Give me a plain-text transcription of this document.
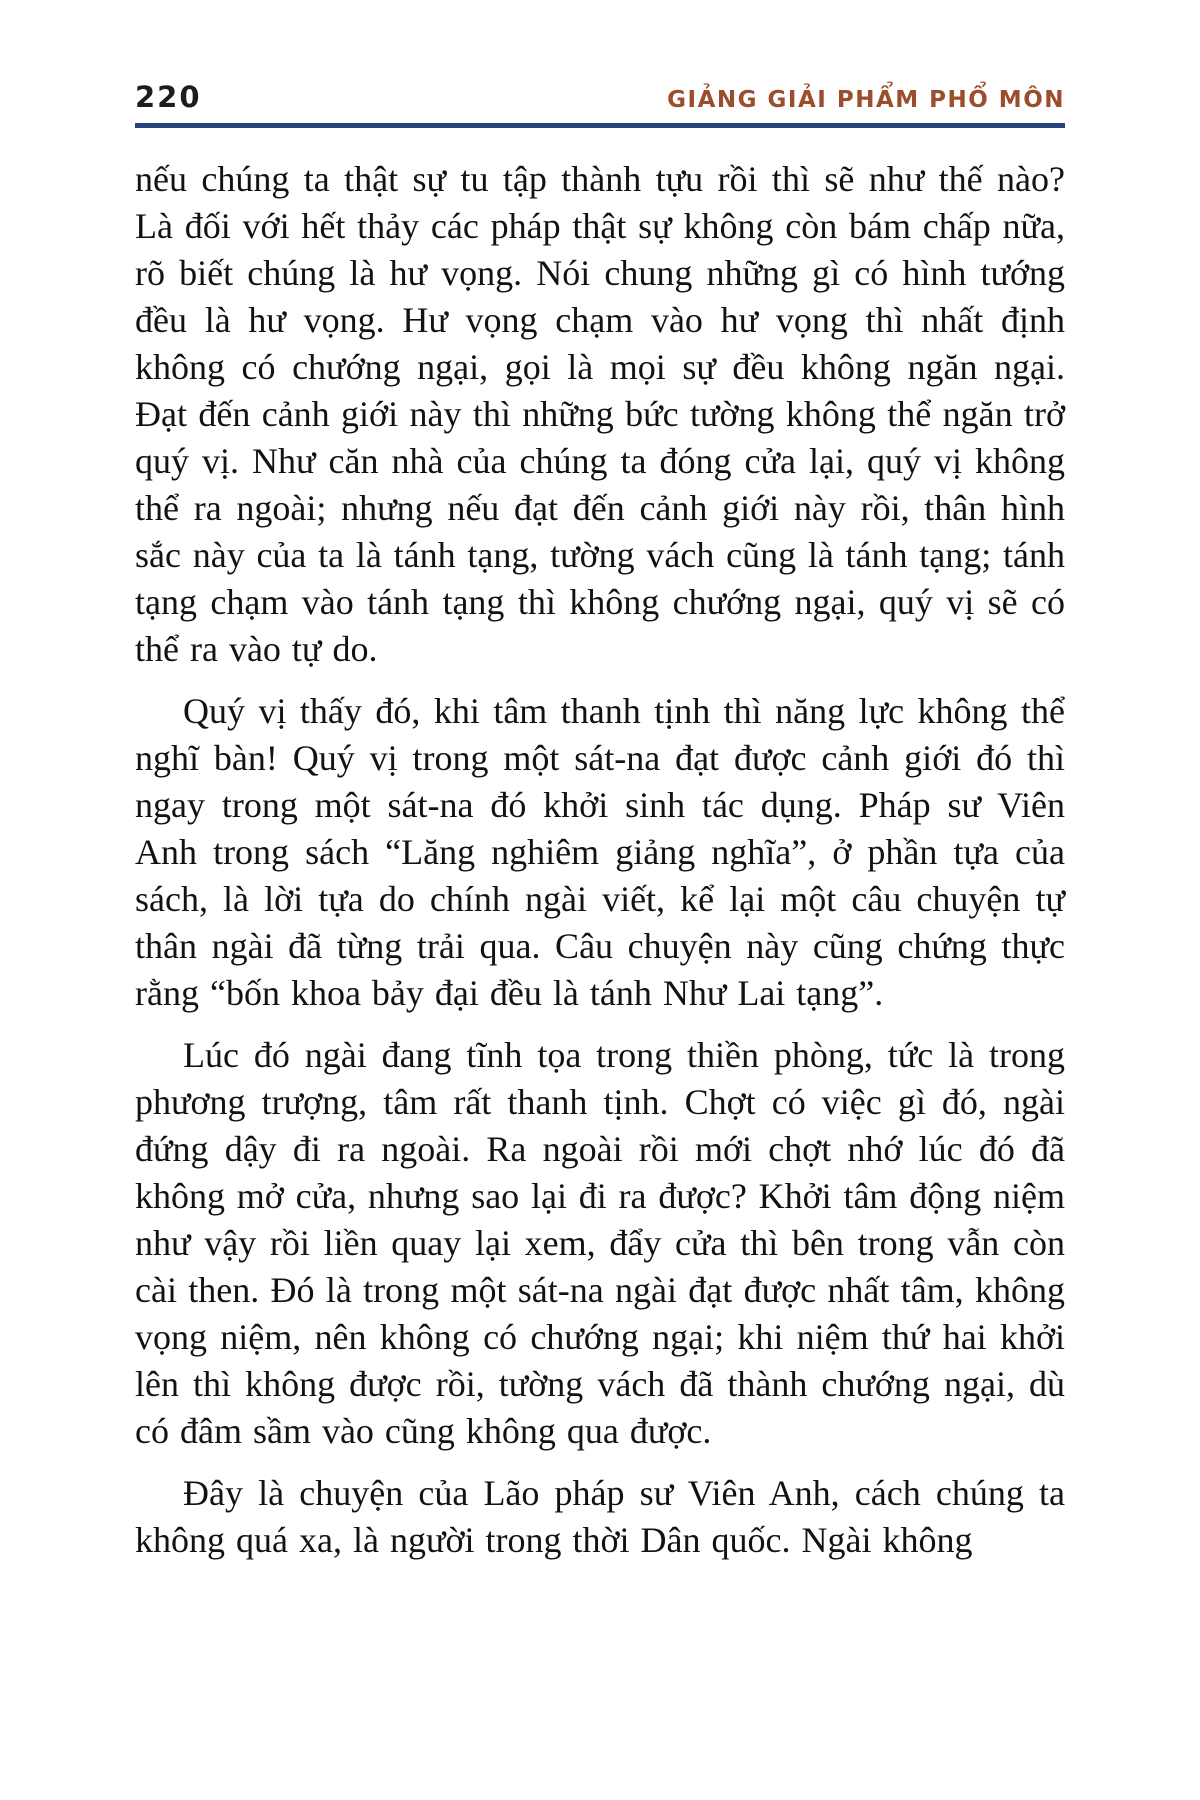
220	GIẢNG GIẢI PHẨM PHỔ MÔN

nếu chúng ta thật sự tu tập thành tựu rồi thì sẽ như thế nào? Là đối với hết thảy các pháp thật sự không còn bám chấp nữa, rõ biết chúng là hư vọng. Nói chung những gì có hình tướng đều là hư vọng. Hư vọng chạm vào hư vọng thì nhất định không có chướng ngại, gọi là mọi sự đều không ngăn ngại. Đạt đến cảnh giới này thì những bức tường không thể ngăn trở quý vị. Như căn nhà của chúng ta đóng cửa lại, quý vị không thể ra ngoài; nhưng nếu đạt đến cảnh giới này rồi, thân hình sắc này của ta là tánh tạng, tường vách cũng là tánh tạng; tánh tạng chạm vào tánh tạng thì không chướng ngại, quý vị sẽ có thể ra vào tự do.

Quý vị thấy đó, khi tâm thanh tịnh thì năng lực không thể nghĩ bàn! Quý vị trong một sát-na đạt được cảnh giới đó thì ngay trong một sát-na đó khởi sinh tác dụng. Pháp sư Viên Anh trong sách “Lăng nghiêm giảng nghĩa”, ở phần tựa của sách, là lời tựa do chính ngài viết, kể lại một câu chuyện tự thân ngài đã từng trải qua. Câu chuyện này cũng chứng thực rằng “bốn khoa bảy đại đều là tánh Như Lai tạng”.

Lúc đó ngài đang tĩnh tọa trong thiền phòng, tức là trong phương trượng, tâm rất thanh tịnh. Chợt có việc gì đó, ngài đứng dậy đi ra ngoài. Ra ngoài rồi mới chợt nhớ lúc đó đã không mở cửa, nhưng sao lại đi ra được? Khởi tâm động niệm như vậy rồi liền quay lại xem, đẩy cửa thì bên trong vẫn còn cài then. Đó là trong một sát-na ngài đạt được nhất tâm, không vọng niệm, nên không có chướng ngại; khi niệm thứ hai khởi lên thì không được rồi, tường vách đã thành chướng ngại, dù có đâm sầm vào cũng không qua được.

Đây là chuyện của Lão pháp sư Viên Anh, cách chúng ta không quá xa, là người trong thời Dân quốc. Ngài không
